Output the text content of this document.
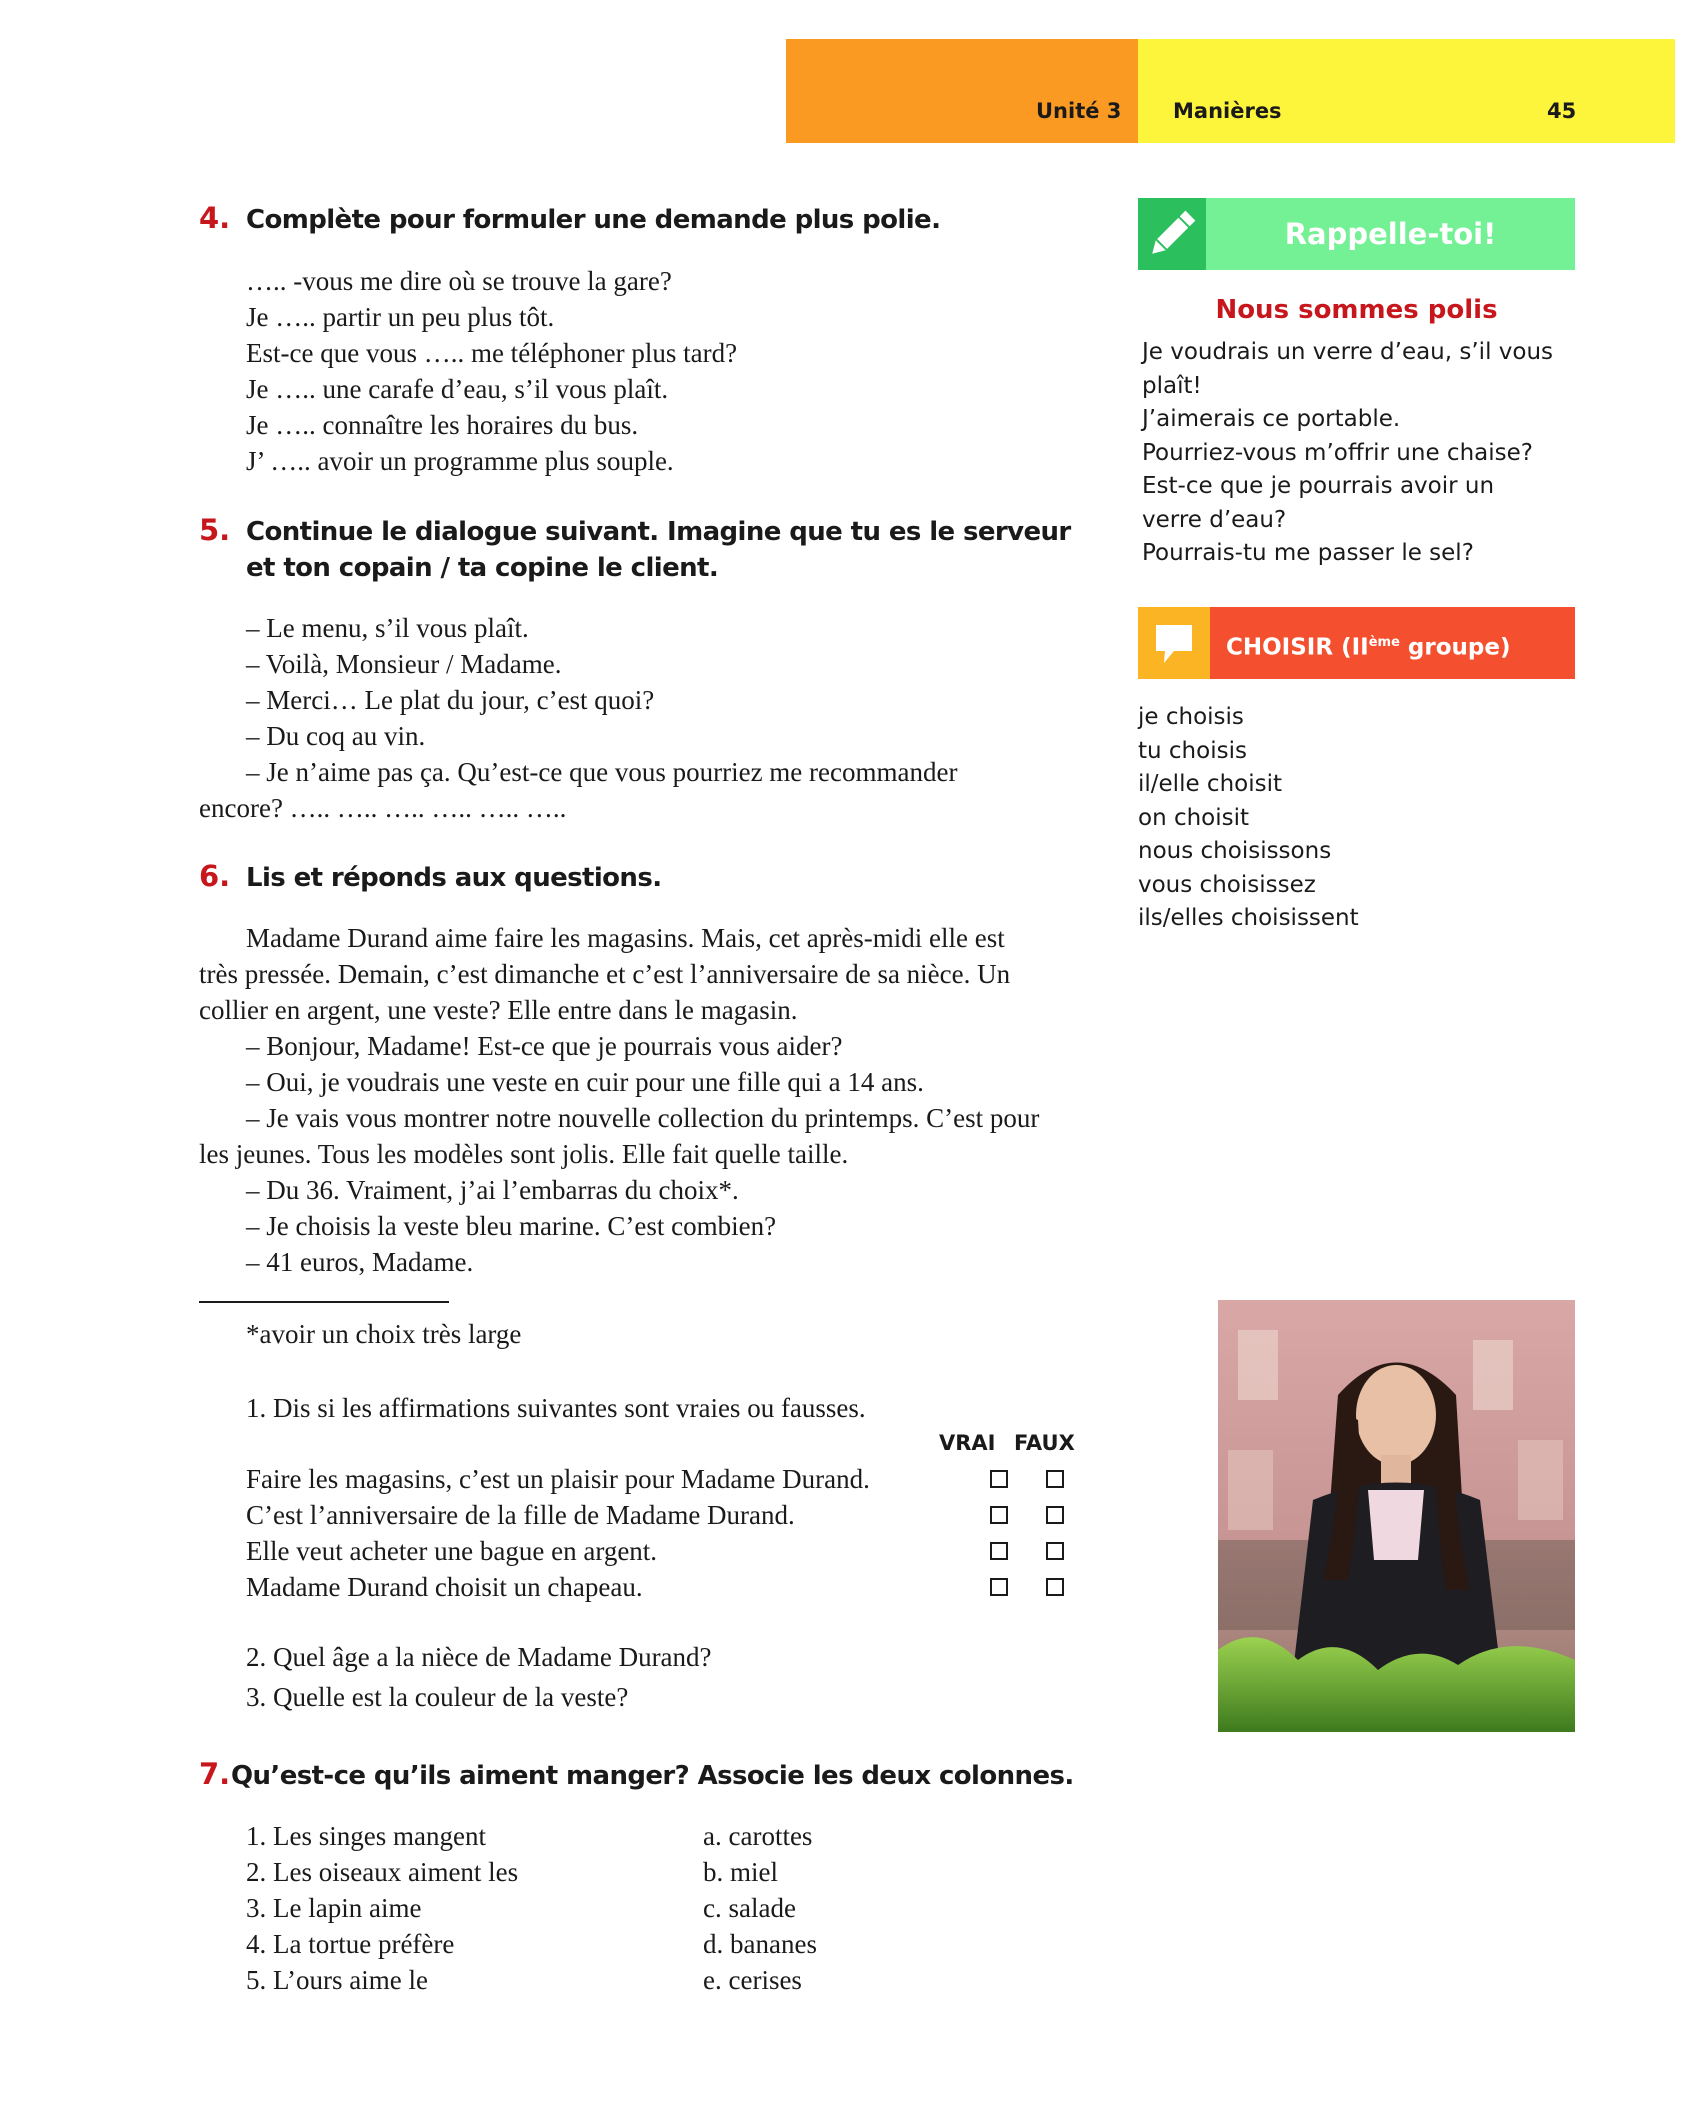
Unité 3 Manières	45
4. Complète pour formuler une demande plus polie.
….. -vous me dire où se trouve la gare?
Je ….. partir un peu plus tôt.
Est-ce que vous ….. me téléphoner plus tard?
Je ….. une carafe d’eau, s’il vous plaît.
Je ….. connaître les horaires du bus.
J’ ….. avoir un programme plus souple.
5. Continue le dialogue suivant. Imagine que tu es le serveur
et ton copain / ta copine le client.
– Le menu, s’il vous plaît.
– Voilà, Monsieur / Madame.
– Merci… Le plat du jour, c’est quoi?
– Du coq au vin.
– Je n’aime pas ça. Qu’est-ce que vous pourriez me recommander
encore? ….. ….. ….. ….. ….. …..
6. Lis et réponds aux questions.
Madame Durand aime faire les magasins. Mais, cet après-midi elle est
très pressée. Demain, c’est dimanche et c’est l’anniversaire de sa nièce. Un
collier en argent, une veste? Elle entre dans le magasin.
– Bonjour, Madame! Est-ce que je pourrais vous aider?
– Oui, je voudrais une veste en cuir pour une fille qui a 14 ans.
– Je vais vous montrer notre nouvelle collection du printemps. C’est pour
les jeunes. Tous les modèles sont jolis. Elle fait quelle taille.
– Du 36. Vraiment, j’ai l’embarras du choix*.
– Je choisis la veste bleu marine. C’est combien?
– 41 euros, Madame.
*avoir un choix très large
1. Dis si les affirmations suivantes sont vraies ou fausses.
VRAI FAUX
Faire les magasins, c’est un plaisir pour Madame Durand.
C’est l’anniversaire de la fille de Madame Durand.
Elle veut acheter une bague en argent.
Madame Durand choisit un chapeau.
2. Quel âge a la nièce de Madame Durand?
3. Quelle est la couleur de la veste?
7. Qu’est-ce qu’ils aiment manger? Associe les deux colonnes.
1. Les singes mangent
2. Les oiseaux aiment les
3. Le lapin aime
4. La tortue préfère
5. L’ours aime le
a. carottes
b. miel
c. salade
d. bananes
e. cerises
Rappelle-toi!
Nous sommes polis
Je voudrais un verre d’eau, s’il vous
plaît!
J’aimerais ce portable.
Pourriez-vous m’offrir une chaise?
Est-ce que je pourrais avoir un
verre d’eau?
Pourrais-tu me passer le sel?
CHOISIR (IIème groupe)
je choisis
tu choisis
il/elle choisit
on choisit
nous choisissons
vous choisissez
ils/elles choisissent
